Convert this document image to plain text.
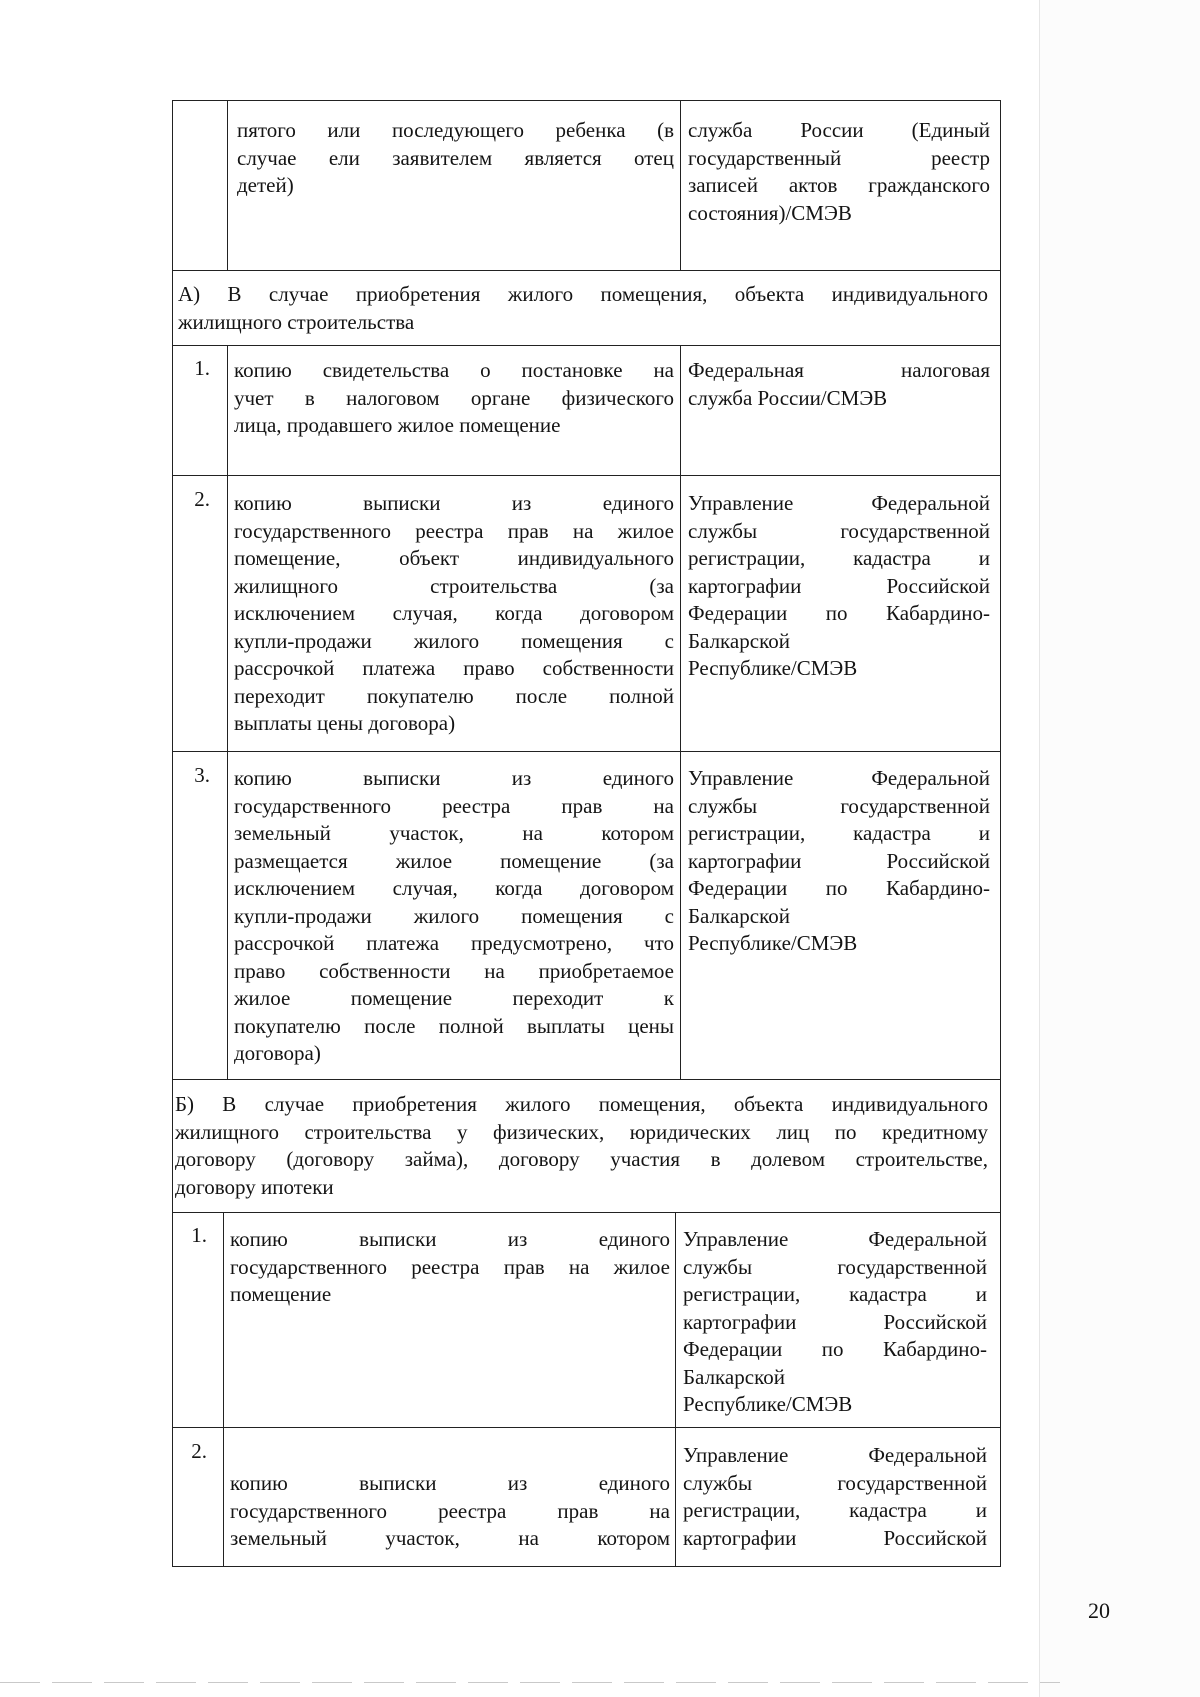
пятого или последующего ребенка (в
случае ели заявителем является отец
детей)
служба России (Единый
государственный реестр
записей актов гражданского
состояния)/СМЭВ
А) В случае приобретения жилого помещения, объекта индивидуального
жилищного строительства
1. копию свидетельства о постановке на
учет в налоговом органе физического
лица, продавшего жилое помещение
Федеральная налоговая
служба России/СМЭВ
2. копию выписки из единого
государственного реестра прав на жилое
помещение, объект индивидуального
жилищного строительства (за
исключением случая, когда договором
купли-продажи жилого помещения с
рассрочкой платежа право собственности
переходит покупателю после полной
выплаты цены договора)
Управление Федеральной
службы государственной
регистрации, кадастра и
картографии Российской
Федерации по Кабардино-
Балкарской
Республике/СМЭВ
3. копию выписки из единого
государственного реестра прав на
земельный участок, на котором
размещается жилое помещение (за
исключением случая, когда договором
купли-продажи жилого помещения с
рассрочкой платежа предусмотрено, что
право собственности на приобретаемое
жилое помещение переходит к
покупателю после полной выплаты цены
договора)
Управление Федеральной
службы государственной
регистрации, кадастра и
картографии Российской
Федерации по Кабардино-
Балкарской
Республике/СМЭВ
Б) В случае приобретения жилого помещения, объекта индивидуального
жилищного строительства у физических, юридических лиц по кредитному
договору (договору займа), договору участия в долевом строительстве,
договору ипотеки
1. копию выписки из единого
государственного реестра прав на жилое
помещение
Управление Федеральной
службы государственной
регистрации, кадастра и
картографии Российской
Федерации по Кабардино-
Балкарской
Республике/СМЭВ
2.
копию выписки из единого
государственного реестра прав на
земельный участок, на котором
Управление Федеральной
службы государственной
регистрации, кадастра и
картографии Российской
20
